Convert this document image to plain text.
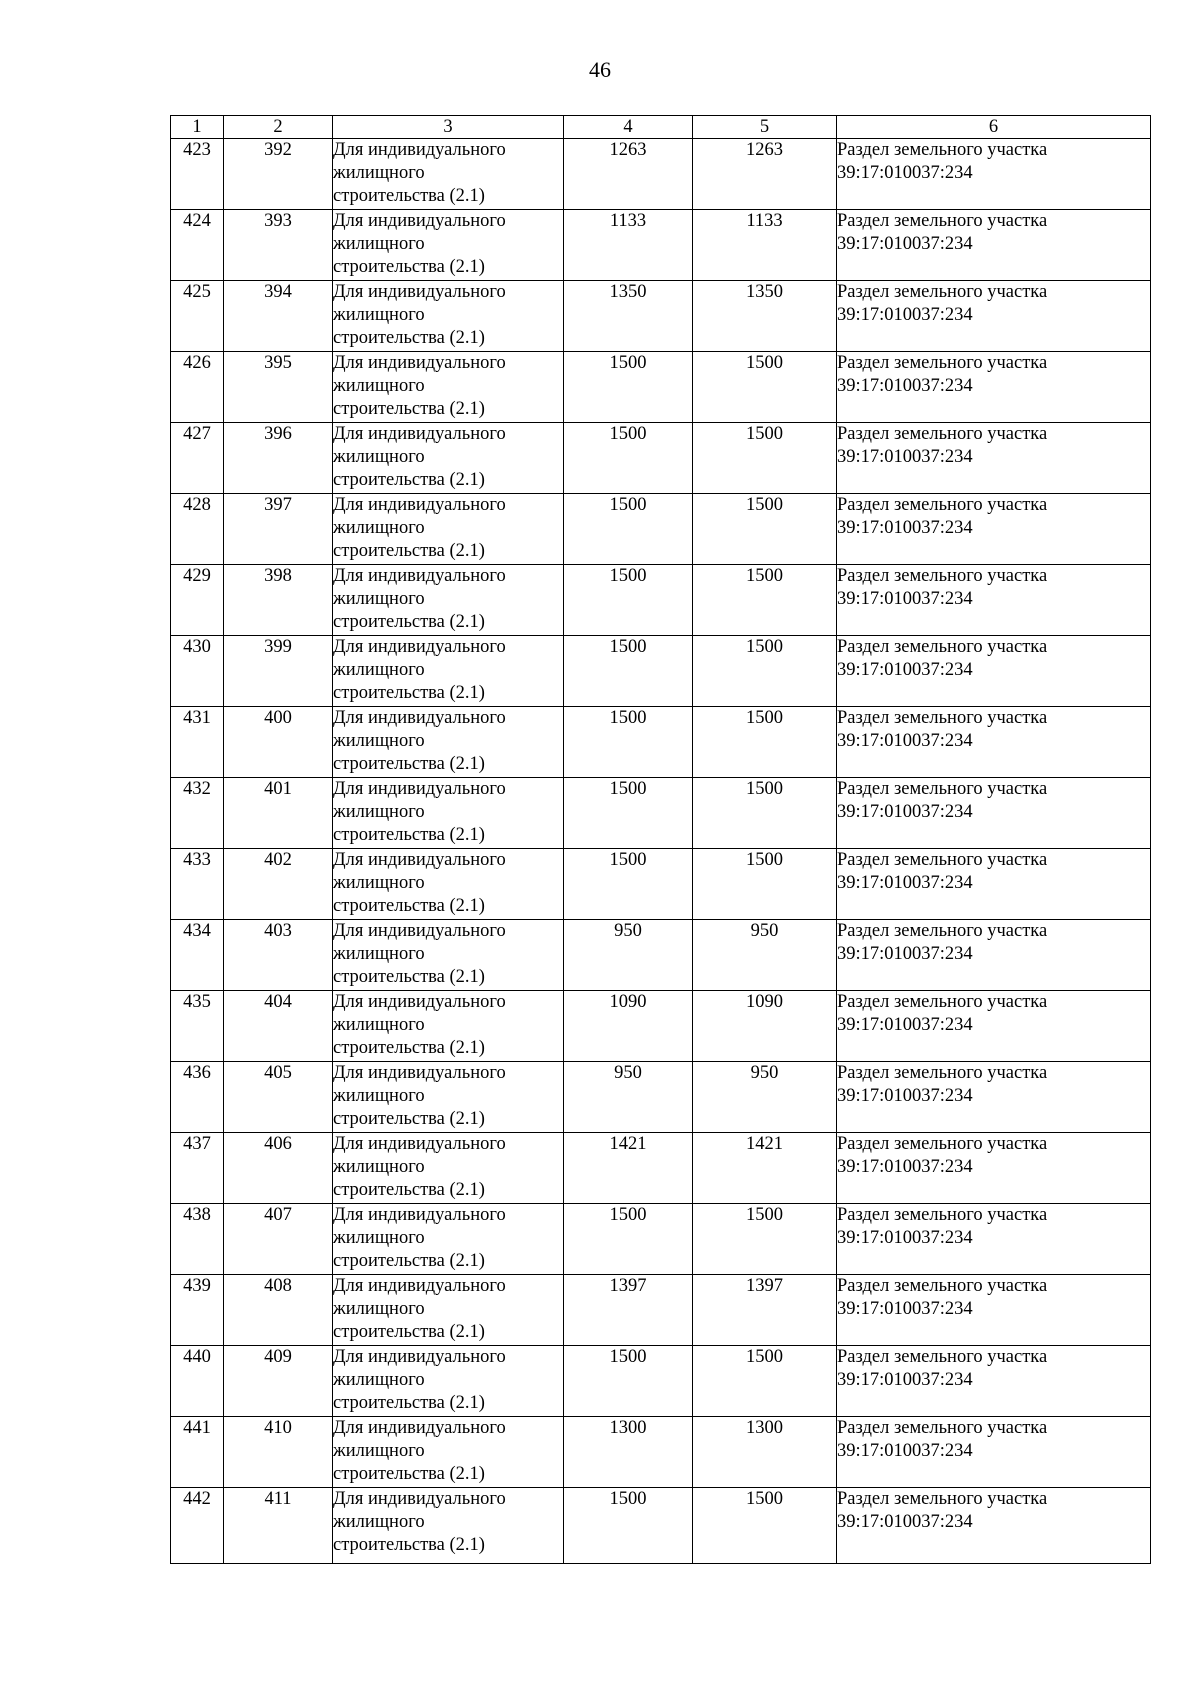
46
1	2	3	4	5	6
423	392	Для индивидуального
жилищного
строительства (2.1)	1263	1263	Раздел земельного участка
39:17:010037:234

424	393	Для индивидуального
жилищного
строительства (2.1)	1133	1133	Раздел земельного участка
39:17:010037:234

425	394	Для индивидуального
жилищного
строительства (2.1)	1350	1350	Раздел земельного участка
39:17:010037:234

426	395	Для индивидуального
жилищного
строительства (2.1)	1500	1500	Раздел земельного участка
39:17:010037:234

427	396	Для индивидуального
жилищного
строительства (2.1)	1500	1500	Раздел земельного участка
39:17:010037:234

428	397	Для индивидуального
жилищного
строительства (2.1)	1500	1500	Раздел земельного участка
39:17:010037:234

429	398	Для индивидуального
жилищного
строительства (2.1)	1500	1500	Раздел земельного участка
39:17:010037:234

430	399	Для индивидуального
жилищного
строительства (2.1)	1500	1500	Раздел земельного участка
39:17:010037:234

431	400	Для индивидуального
жилищного
строительства (2.1)	1500	1500	Раздел земельного участка
39:17:010037:234

432	401	Для индивидуального
жилищного
строительства (2.1)	1500	1500	Раздел земельного участка
39:17:010037:234

433	402	Для индивидуального
жилищного
строительства (2.1)	1500	1500	Раздел земельного участка
39:17:010037:234

434	403	Для индивидуального
жилищного
строительства (2.1)	950	950	Раздел земельного участка
39:17:010037:234

435	404	Для индивидуального
жилищного
строительства (2.1)	1090	1090	Раздел земельного участка
39:17:010037:234

436	405	Для индивидуального
жилищного
строительства (2.1)	950	950	Раздел земельного участка
39:17:010037:234

437	406	Для индивидуального
жилищного
строительства (2.1)	1421	1421	Раздел земельного участка
39:17:010037:234

438	407	Для индивидуального
жилищного
строительства (2.1)	1500	1500	Раздел земельного участка
39:17:010037:234

439	408	Для индивидуального
жилищного
строительства (2.1)	1397	1397	Раздел земельного участка
39:17:010037:234

440	409	Для индивидуального
жилищного
строительства (2.1)	1500	1500	Раздел земельного участка
39:17:010037:234

441	410	Для индивидуального
жилищного
строительства (2.1)	1300	1300	Раздел земельного участка
39:17:010037:234

442	411	Для индивидуального
жилищного
строительства (2.1)	1500	1500	Раздел земельного участка
39:17:010037:234
